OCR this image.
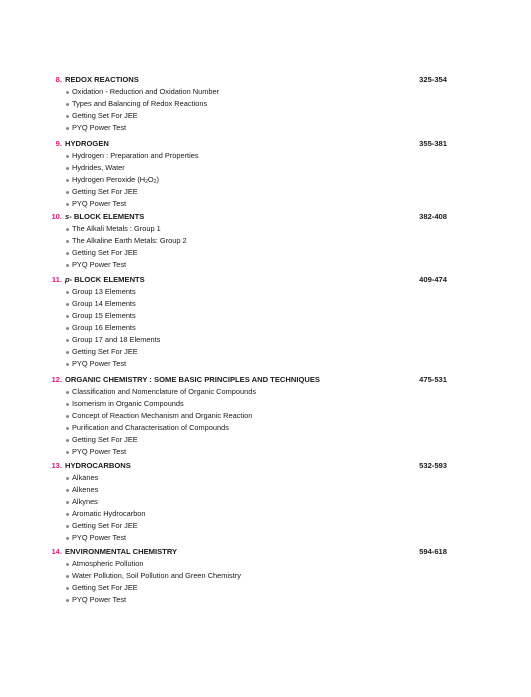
8. REDOX REACTIONS	325-354
Oxidation - Reduction and Oxidation Number
Types and Balancing of Redox Reactions
Getting Set For JEE
PYQ Power Test
9. HYDROGEN	355-381
Hydrogen : Preparation and Properties
Hydrides, Water
Hydrogen Peroxide $(H_2O_2)$
Getting Set For JEE
PYQ Power Test
10. s- BLOCK ELEMENTS	382-408
The Alkali Metals : Group 1
The Alkaline Earth Metals: Group 2
Getting Set For JEE
PYQ Power Test
11. p- BLOCK ELEMENTS	409-474
Group 13 Elements
Group 14 Elements
Group 15 Elements
Group 16 Elements
Group 17 and 18 Elements
Getting Set For JEE
PYQ Power Test
12. ORGANIC CHEMISTRY : SOME BASIC PRINCIPLES AND TECHNIQUES	475-531
Classification and Nomenclature of Organic Compounds
Isomerism in Organic Compounds
Concept of Reaction Mechanism and Organic Reaction
Purification and Characterisation of Compounds
Getting Set For JEE
PYQ Power Test
13. HYDROCARBONS	532-593
Alkanes
Alkenes
Alkynes
Aromatic Hydrocarbon
Getting Set For JEE
PYQ Power Test
14. ENVIRONMENTAL CHEMISTRY	594-618
Atmospheric Pollution
Water Pollution, Soil Pollution and Green Chemistry
Getting Set For JEE
PYQ Power Test
